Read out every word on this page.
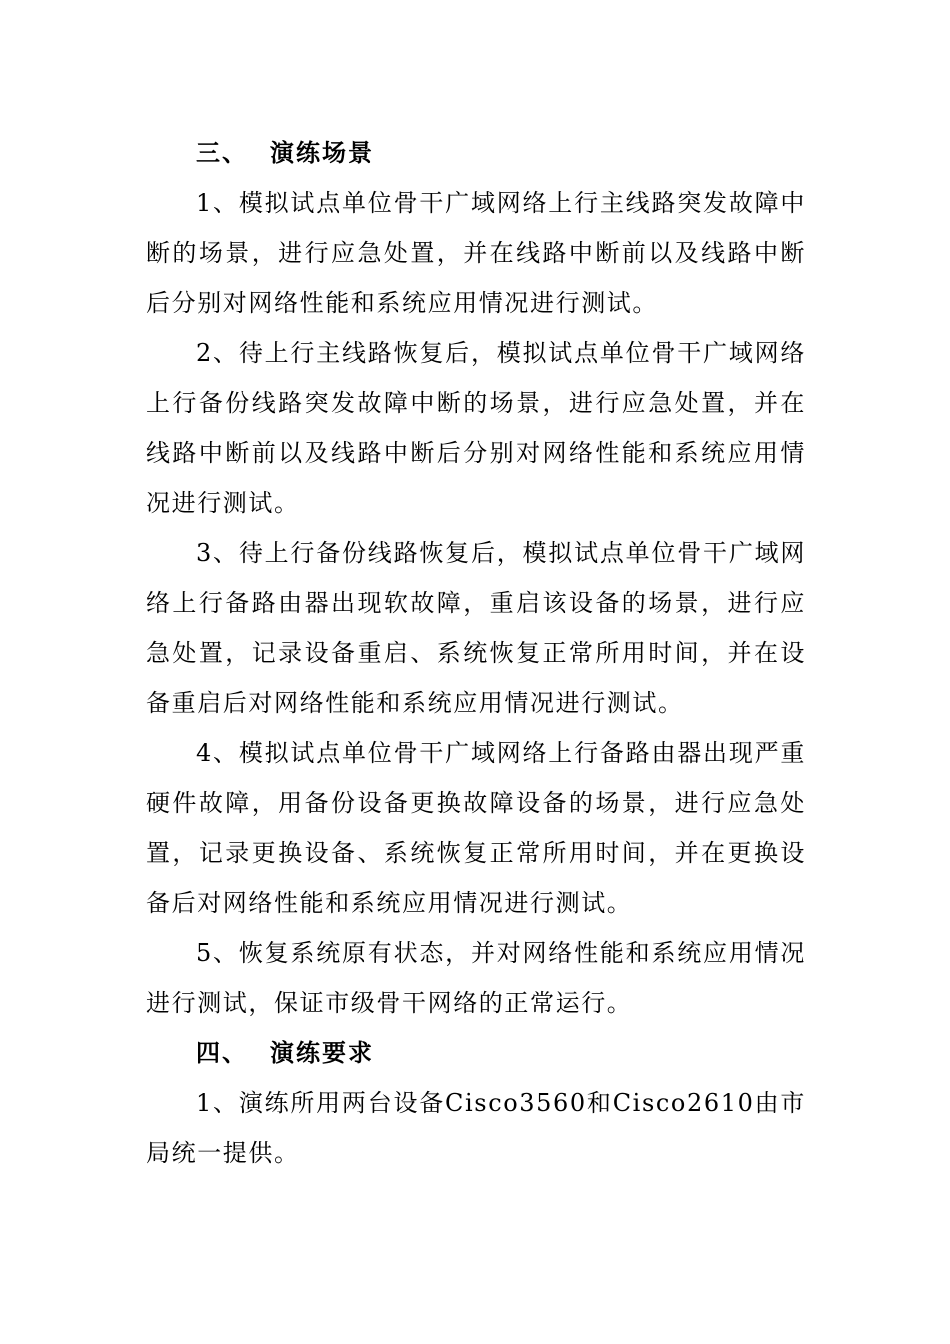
三、 演练场景

1、模拟试点单位骨干广域网络上行主线路突发故障中断的场景，进行应急处置，并在线路中断前以及线路中断后分别对网络性能和系统应用情况进行测试。

2、待上行主线路恢复后，模拟试点单位骨干广域网络上行备份线路突发故障中断的场景，进行应急处置，并在线路中断前以及线路中断后分别对网络性能和系统应用情况进行测试。

3、待上行备份线路恢复后，模拟试点单位骨干广域网络上行备路由器出现软故障，重启该设备的场景，进行应急处置，记录设备重启、系统恢复正常所用时间，并在设备重启后对网络性能和系统应用情况进行测试。

4、模拟试点单位骨干广域网络上行备路由器出现严重硬件故障，用备份设备更换故障设备的场景，进行应急处置，记录更换设备、系统恢复正常所用时间，并在更换设备后对网络性能和系统应用情况进行测试。

5、恢复系统原有状态，并对网络性能和系统应用情况进行测试，保证市级骨干网络的正常运行。

四、 演练要求

1、演练所用两台设备Cisco3560和Cisco2610由市局统一提供。
